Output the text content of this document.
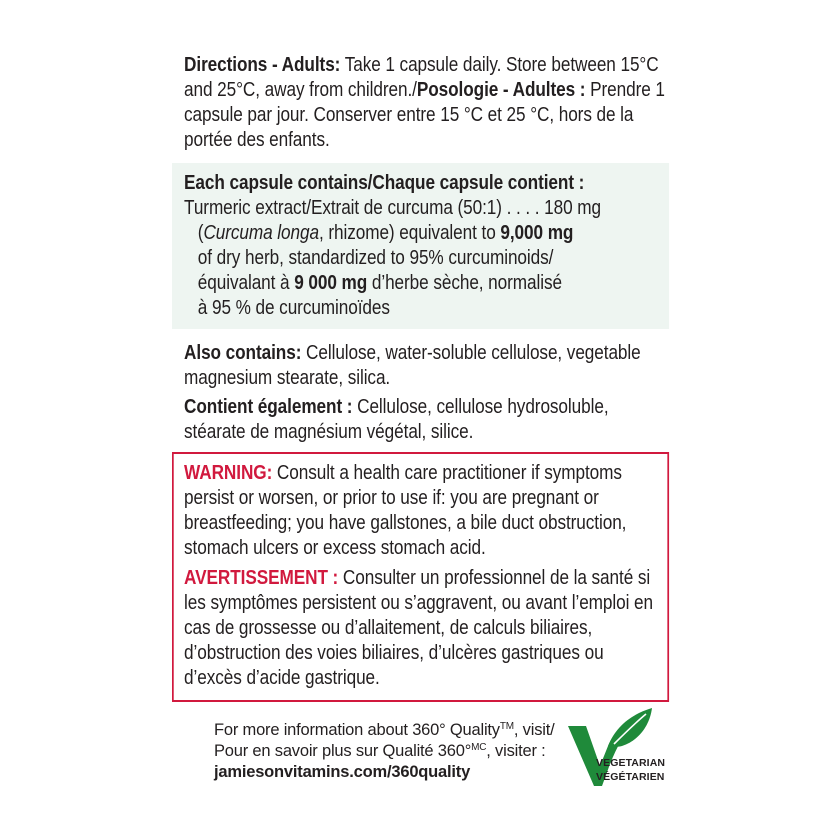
Directions - Adults: Take 1 capsule daily. Store between 15°C and 25°C, away from children./Posologie - Adultes : Prendre 1 capsule par jour. Conserver entre 15 °C et 25 °C, hors de la portée des enfants.
Each capsule contains/Chaque capsule contient :
Turmeric extract/Extrait de curcuma (50:1) . . . . 180 mg
(Curcuma longa, rhizome) equivalent to 9,000 mg
of dry herb, standardized to 95% curcuminoids/
équivalant à 9 000 mg d’herbe sèche, normalisé
à 95 % de curcuminoïdes
Also contains: Cellulose, water-soluble cellulose, vegetable magnesium stearate, silica.
Contient également : Cellulose, cellulose hydrosoluble, stéarate de magnésium végétal, silice.
WARNING: Consult a health care practitioner if symptoms persist or worsen, or prior to use if: you are pregnant or breastfeeding; you have gallstones, a bile duct obstruction, stomach ulcers or excess stomach acid.
AVERTISSEMENT : Consulter un professionnel de la santé si les symptômes persistent ou s’aggravent, ou avant l’emploi en cas de grossesse ou d’allaitement, de calculs biliaires, d’obstruction des voies biliaires, d’ulcères gastriques ou d’excès d’acide gastrique.
For more information about 360° Quality™, visit/
Pour en savoir plus sur Qualité 360°$^{MC}$, visiter :
jamiesonvitamins.com/360quality	VEGETARIAN
VÉGÉTARIEN
